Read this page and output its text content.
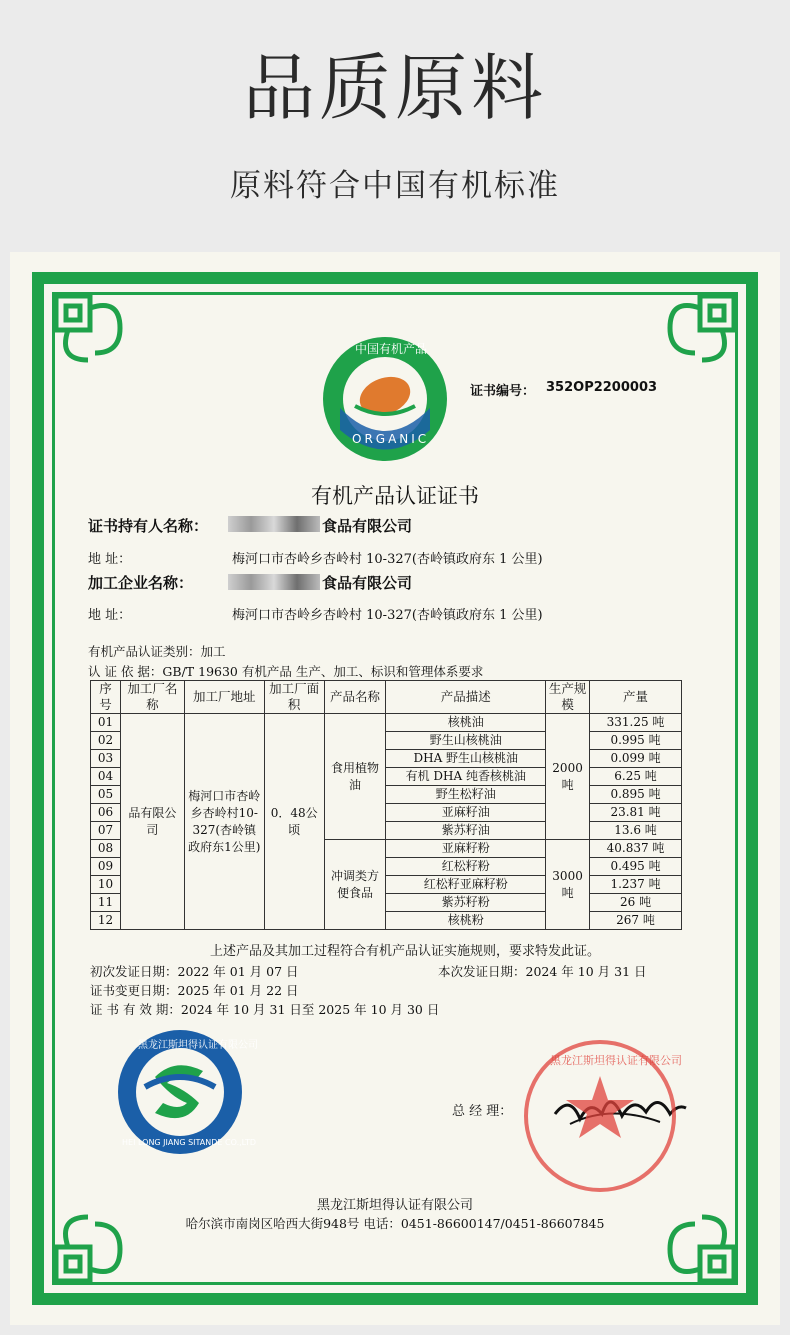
品质原料
原料符合中国有机标准
中国有机产品
ORGANIC
证书编号： 352OP2200003
有机产品认证证书
证书持有人名称：	食品有限公司
地 址：	梅河口市杏岭乡杏岭村 10-327(杏岭镇政府东 1 公里)
加工企业名称：	食品有限公司
地 址：	梅河口市杏岭乡杏岭村 10-327(杏岭镇政府东 1 公里)
有机产品认证类别：加工
认 证 依 据：GB/T 19630 有机产品 生产、加工、标识和管理体系要求
序号	加工厂名称	加工厂地址	加工厂面积	产品名称	产品描述	生产规模	产量
01	品有限公司	梅河口市杏岭乡杏岭村10-327(杏岭镇政府东1公里)	0．48公顷	食用植物油	核桃油	2000吨	331.25 吨
02					野生山核桃油		0.995 吨
03					DHA 野生山核桃油		0.099 吨
04					有机 DHA 纯香核桃油		6.25 吨
05					野生松籽油		0.895 吨
06					亚麻籽油		23.81 吨
07					紫苏籽油		13.6 吨
08				冲调类方便食品	亚麻籽粉	3000吨	40.837 吨
09					红松籽粉		0.495 吨
10					红松籽亚麻籽粉		1.237 吨
11					紫苏籽粉		26 吨
12					核桃粉		267 吨
上述产品及其加工过程符合有机产品认证实施规则，要求特发此证。
初次发证日期：2022 年 01 月 07 日	本次发证日期：2024 年 10 月 31 日
证书变更日期：2025 年 01 月 22 日
证 书 有 效 期：2024 年 10 月 31 日至 2025 年 10 月 30 日
黑龙江斯坦得认证有限公司
HEI LONG JIANG SITANDE CO.,LTD
总 经 理：
黑龙江斯坦得认证有限公司
黑龙江斯坦得认证有限公司
哈尔滨市南岗区哈西大街948号 电话：0451-86600147/0451-86607845
